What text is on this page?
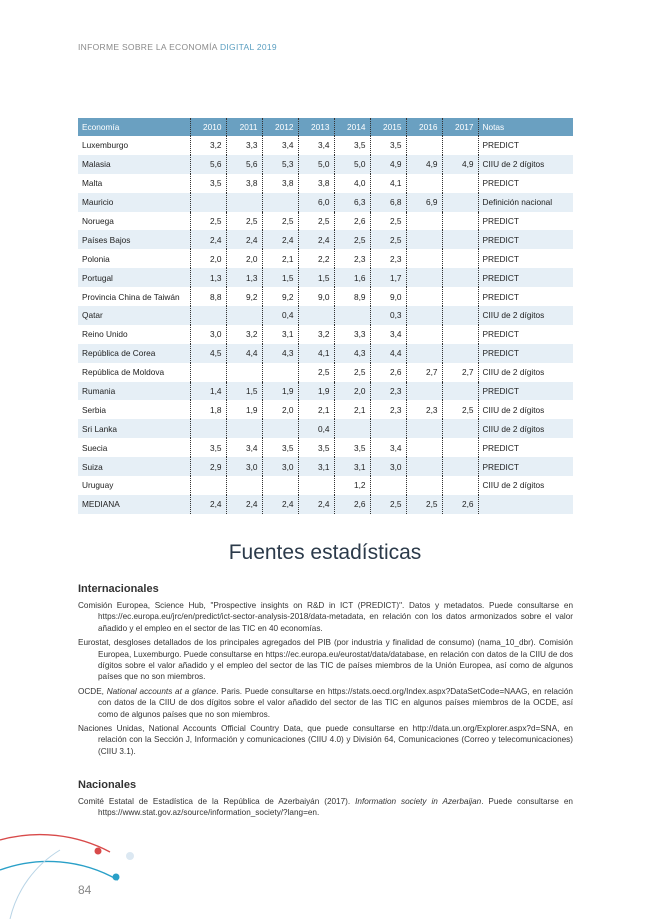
INFORME SOBRE LA ECONOMÍA DIGITAL 2019
Economía	2010	2011	2012	2013	2014	2015	2016	2017	Notas
Luxemburgo	3,2	3,3	3,4	3,4	3,5	3,5			PREDICT
Malasia	5,6	5,6	5,3	5,0	5,0	4,9	4,9	4,9	CIIU de 2 dígitos
Malta	3,5	3,8	3,8	3,8	4,0	4,1			PREDICT
Mauricio				6,0	6,3	6,8	6,9		Definición nacional
Noruega	2,5	2,5	2,5	2,5	2,6	2,5			PREDICT
Países Bajos	2,4	2,4	2,4	2,4	2,5	2,5			PREDICT
Polonia	2,0	2,0	2,1	2,2	2,3	2,3			PREDICT
Portugal	1,3	1,3	1,5	1,5	1,6	1,7			PREDICT
Provincia China de Taiwán	8,8	9,2	9,2	9,0	8,9	9,0			PREDICT
Qatar			0,4			0,3			CIIU de 2 dígitos
Reino Unido	3,0	3,2	3,1	3,2	3,3	3,4			PREDICT
República de Corea	4,5	4,4	4,3	4,1	4,3	4,4			PREDICT
República de Moldova				2,5	2,5	2,6	2,7	2,7	CIIU de 2 dígitos
Rumania	1,4	1,5	1,9	1,9	2,0	2,3			PREDICT
Serbia	1,8	1,9	2,0	2,1	2,1	2,3	2,3	2,5	CIIU de 2 dígitos
Sri Lanka				0,4					CIIU de 2 dígitos
Suecia	3,5	3,4	3,5	3,5	3,5	3,4			PREDICT
Suiza	2,9	3,0	3,0	3,1	3,1	3,0			PREDICT
Uruguay					1,2				CIIU de 2 dígitos
MEDIANA	2,4	2,4	2,4	2,4	2,6	2,5	2,5	2,6	
Fuentes estadísticas
Internacionales

Comisión Europea, Science Hub, "Prospective insights on R&D in ICT (PREDICT)". Datos y metadatos. Puede consultarse en https://ec.europa.eu/jrc/en/predict/ict-sector-analysis-2018/data-metadata, en relación con los datos armonizados sobre el valor añadido y el empleo en el sector de las TIC en 40 economías.

Eurostat, desgloses detallados de los principales agregados del PIB (por industria y finalidad de consumo) (nama_10_dbr). Comisión Europea, Luxemburgo. Puede consultarse en https://ec.europa.eu/eurostat/data/database, en relación con datos de la CIIU de dos dígitos sobre el valor añadido y el empleo del sector de las TIC de países miembros de la Unión Europea, así como de algunos países que no son miembros.

OCDE, National accounts at a glance. Paris. Puede consultarse en https://stats.oecd.org/Index.aspx?DataSetCode=NAAG, en relación con datos de la CIIU de dos dígitos sobre el valor añadido del sector de las TIC en algunos países miembros de la OCDE, así como de algunos países que no son miembros.

Naciones Unidas, National Accounts Official Country Data, que puede consultarse en http://data.un.org/Explorer.aspx?d=SNA, en relación con la Sección J, Información y comunicaciones (CIIU 4.0) y División 64, Comunicaciones (Correo y telecomunicaciones) (CIIU 3.1).

Nacionales

Comité Estatal de Estadística de la República de Azerbaiyán (2017). Information society in Azerbaijan. Puede consultarse en https://www.stat.gov.az/source/information_society/?lang=en.

84
